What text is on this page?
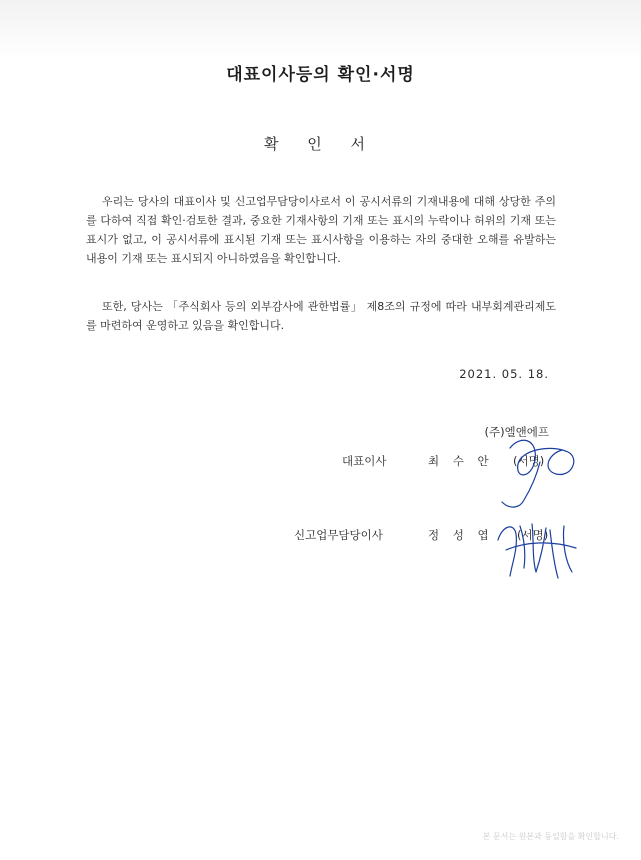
대표이사등의 확인·서명
확 인 서

우리는 당사의 대표이사 및 신고업무담당이사로서 이 공시서류의 기재내용에 대해 상당한 주의를 다하여 직접 확인·검토한 결과, 중요한 기재사항의 기재 또는 표시의 누락이나 허위의 기재 또는 표시가 없고, 이 공시서류에 표시된 기재 또는 표시사항을 이용하는 자의 중대한 오해를 유발하는 내용이 기재 또는 표시되지 아니하였음을 확인합니다.

또한, 당사는 「주식회사 등의 외부감사에 관한법률」 제8조의 규정에 따라 내부회계관리제도를 마련하여 운영하고 있음을 확인합니다.

2021. 05. 18.
(주)엘앤에프
대표이사	최 수 안 (서명)
신고업무담당이사	정 성 엽 (서명)
본 문서는 원본과 동일함을 확인합니다.
